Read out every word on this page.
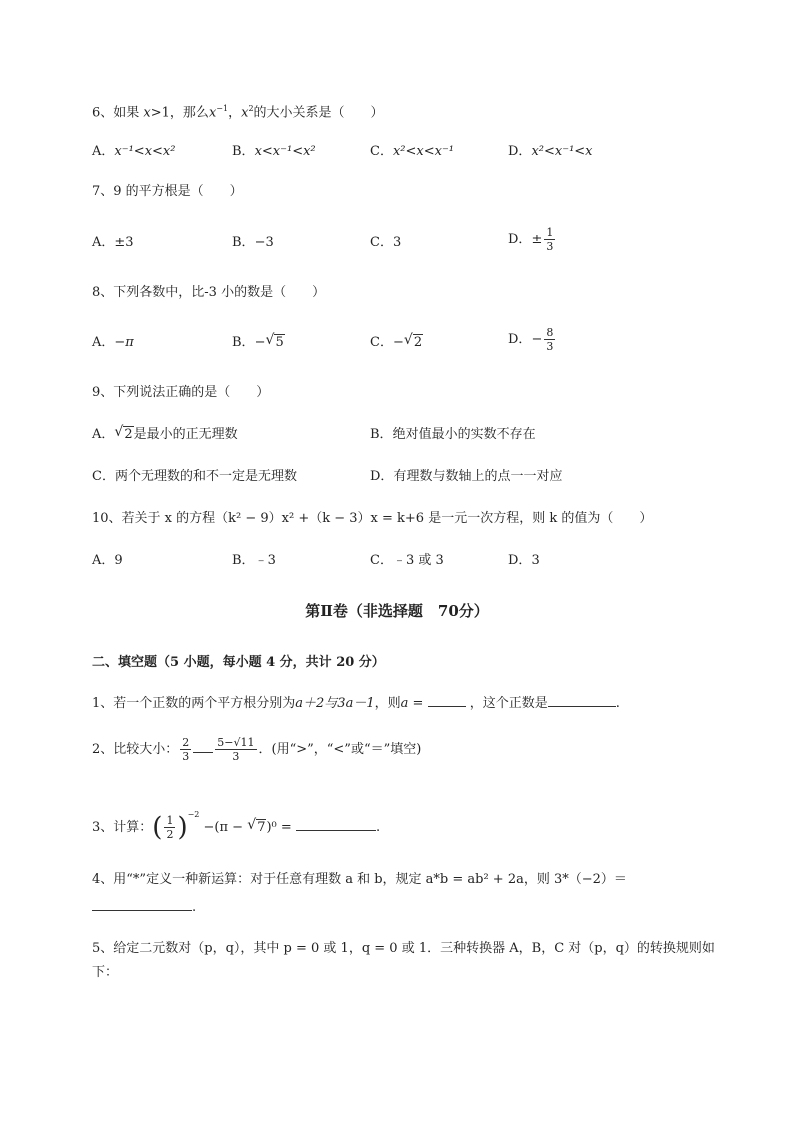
6、如果 x>1，那么$x^{-1}$，$x^2$的大小关系是（　　）
A．x⁻¹<x<x²	B．x<x⁻¹<x²	C．x²<x<x⁻¹	D．x²<x⁻¹<x
7、9 的平方根是（　　）
A．±3	B．−3	C．3	D．± $\frac{1}{3}$
8、下列各数中，比-3 小的数是（　　）
A．−π	B．− √ 5	C．− √ 2	D．− $\frac{8}{3}$
9、下列说法正确的是（　　）
A． √ 2是最小的正无理数	B．绝对值最小的实数不存在
C．两个无理数的和不一定是无理数	D．有理数与数轴上的点一一对应
10、若关于 x 的方程（k² − 9）x² +（k − 3）x = k+6 是一元一次方程，则 k 的值为（　　）
A．9	B．﹣3	C．﹣3 或 3	D．3
第Ⅱ卷（非选择题　70分）
二、填空题（5 小题，每小题 4 分，共计 20 分）
1、若一个正数的两个平方根分别为a＋2与3a－1，则a =	，这个正数是	.
2、比较大小： $\frac{2}{3} \frac{5-√11}{3}$ ．(用“>”，“<”或“＝”填空)
3、计算：( $\frac{1}{2} )^{-2} -(\pi$ − √ 7)⁰ =	.
4、用“*”定义一种新运算：对于任意有理数 a 和 b，规定 a*b = ab² + 2a，则 3*（−2）＝
.
5、给定二元数对（p，q），其中 p = 0 或 1，q = 0 或 1．三种转换器 A，B，C 对（p，q）的转换规则如
下：
